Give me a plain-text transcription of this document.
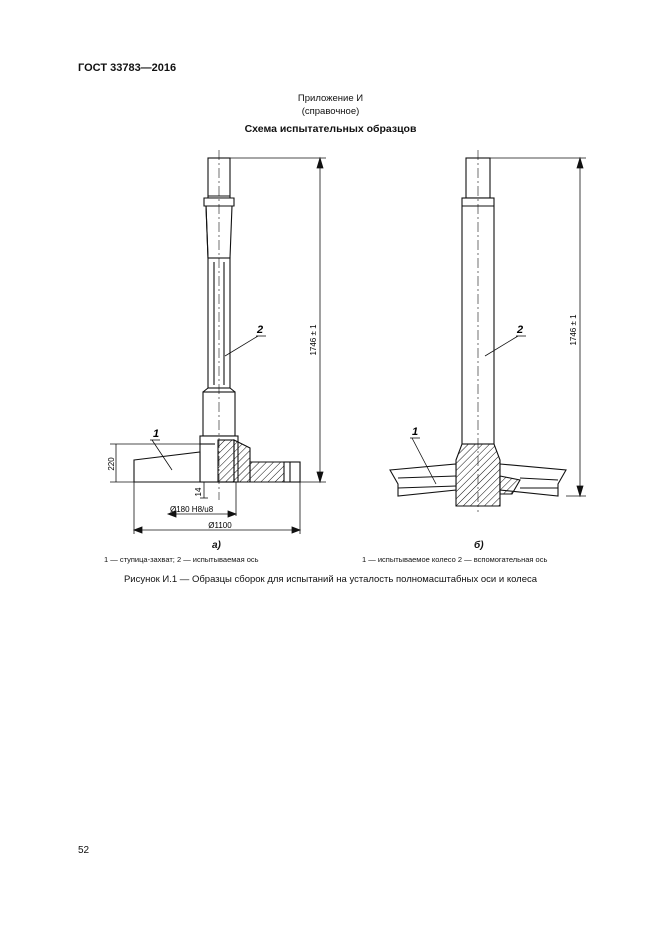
ГОСТ 33783—2016
Приложение И
(справочное)
Схема испытательных образцов
1746 ± 1
220
14
Ø180 H8/u8
Ø1100
1
2	1746 ± 1
1
2
а)	б)
1 — ступица-захват; 2 — испытываемая ось	1 — испытываемое колесо 2 — вспомогательная ось
Рисунок И.1 — Образцы сборок для испытаний на усталость полномасштабных оси и колеса
52
